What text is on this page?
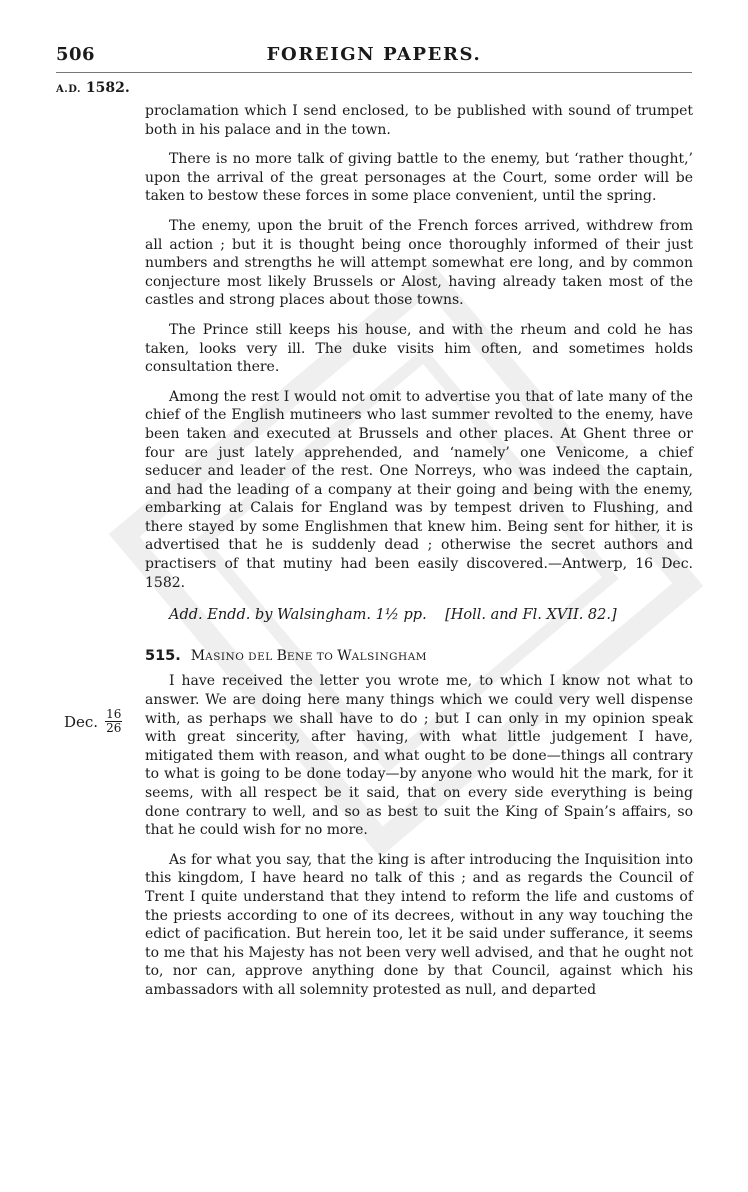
506	FOREIGN PAPERS.
A.D. 1582.
Dec. $\frac{16}{26}$

proclamation which I send enclosed, to be published with sound of trumpet both in his palace and in the town.

There is no more talk of giving battle to the enemy, but ‘rather thought,’ upon the arrival of the great personages at the Court, some order will be taken to bestow these forces in some place convenient, until the spring.

The enemy, upon the bruit of the French forces arrived, withdrew from all action ; but it is thought being once thoroughly informed of their just numbers and strengths he will attempt somewhat ere long, and by common conjecture most likely Brussels or Alost, having already taken most of the castles and strong places about those towns.

The Prince still keeps his house, and with the rheum and cold he has taken, looks very ill. The duke visits him often, and sometimes holds consultation there.

Among the rest I would not omit to advertise you that of late many of the chief of the English mutineers who last summer revolted to the enemy, have been taken and executed at Brussels and other places. At Ghent three or four are just lately apprehended, and ‘namely’ one Venicome, a chief seducer and leader of the rest. One Norreys, who was indeed the captain, and had the leading of a company at their going and being with the enemy, embarking at Calais for England was by tempest driven to Flushing, and there stayed by some Englishmen that knew him. Being sent for hither, it is advertised that he is suddenly dead ; otherwise the secret authors and practisers of that mutiny had been easily discovered.—Antwerp, 16 Dec. 1582.

Add. Endd. by Walsingham. 1½ pp. [Holl. and Fl. XVII. 82.]

515. MASINO DEL BENE TO WALSINGHAM

I have received the letter you wrote me, to which I know not what to answer. We are doing here many things which we could very well dispense with, as perhaps we shall have to do ; but I can only in my opinion speak with great sincerity, after having, with what little judgement I have, mitigated them with reason, and what ought to be done—things all contrary to what is going to be done today—by anyone who would hit the mark, for it seems, with all respect be it said, that on every side everything is being done contrary to well, and so as best to suit the King of Spain’s affairs, so that he could wish for no more.

As for what you say, that the king is after introducing the Inquisition into this kingdom, I have heard no talk of this ; and as regards the Council of Trent I quite understand that they intend to reform the life and customs of the priests according to one of its decrees, without in any way touching the edict of pacification. But herein too, let it be said under sufferance, it seems to me that his Majesty has not been very well advised, and that he ought not to, nor can, approve anything done by that Council, against which his ambassadors with all solemnity protested as null, and departed
